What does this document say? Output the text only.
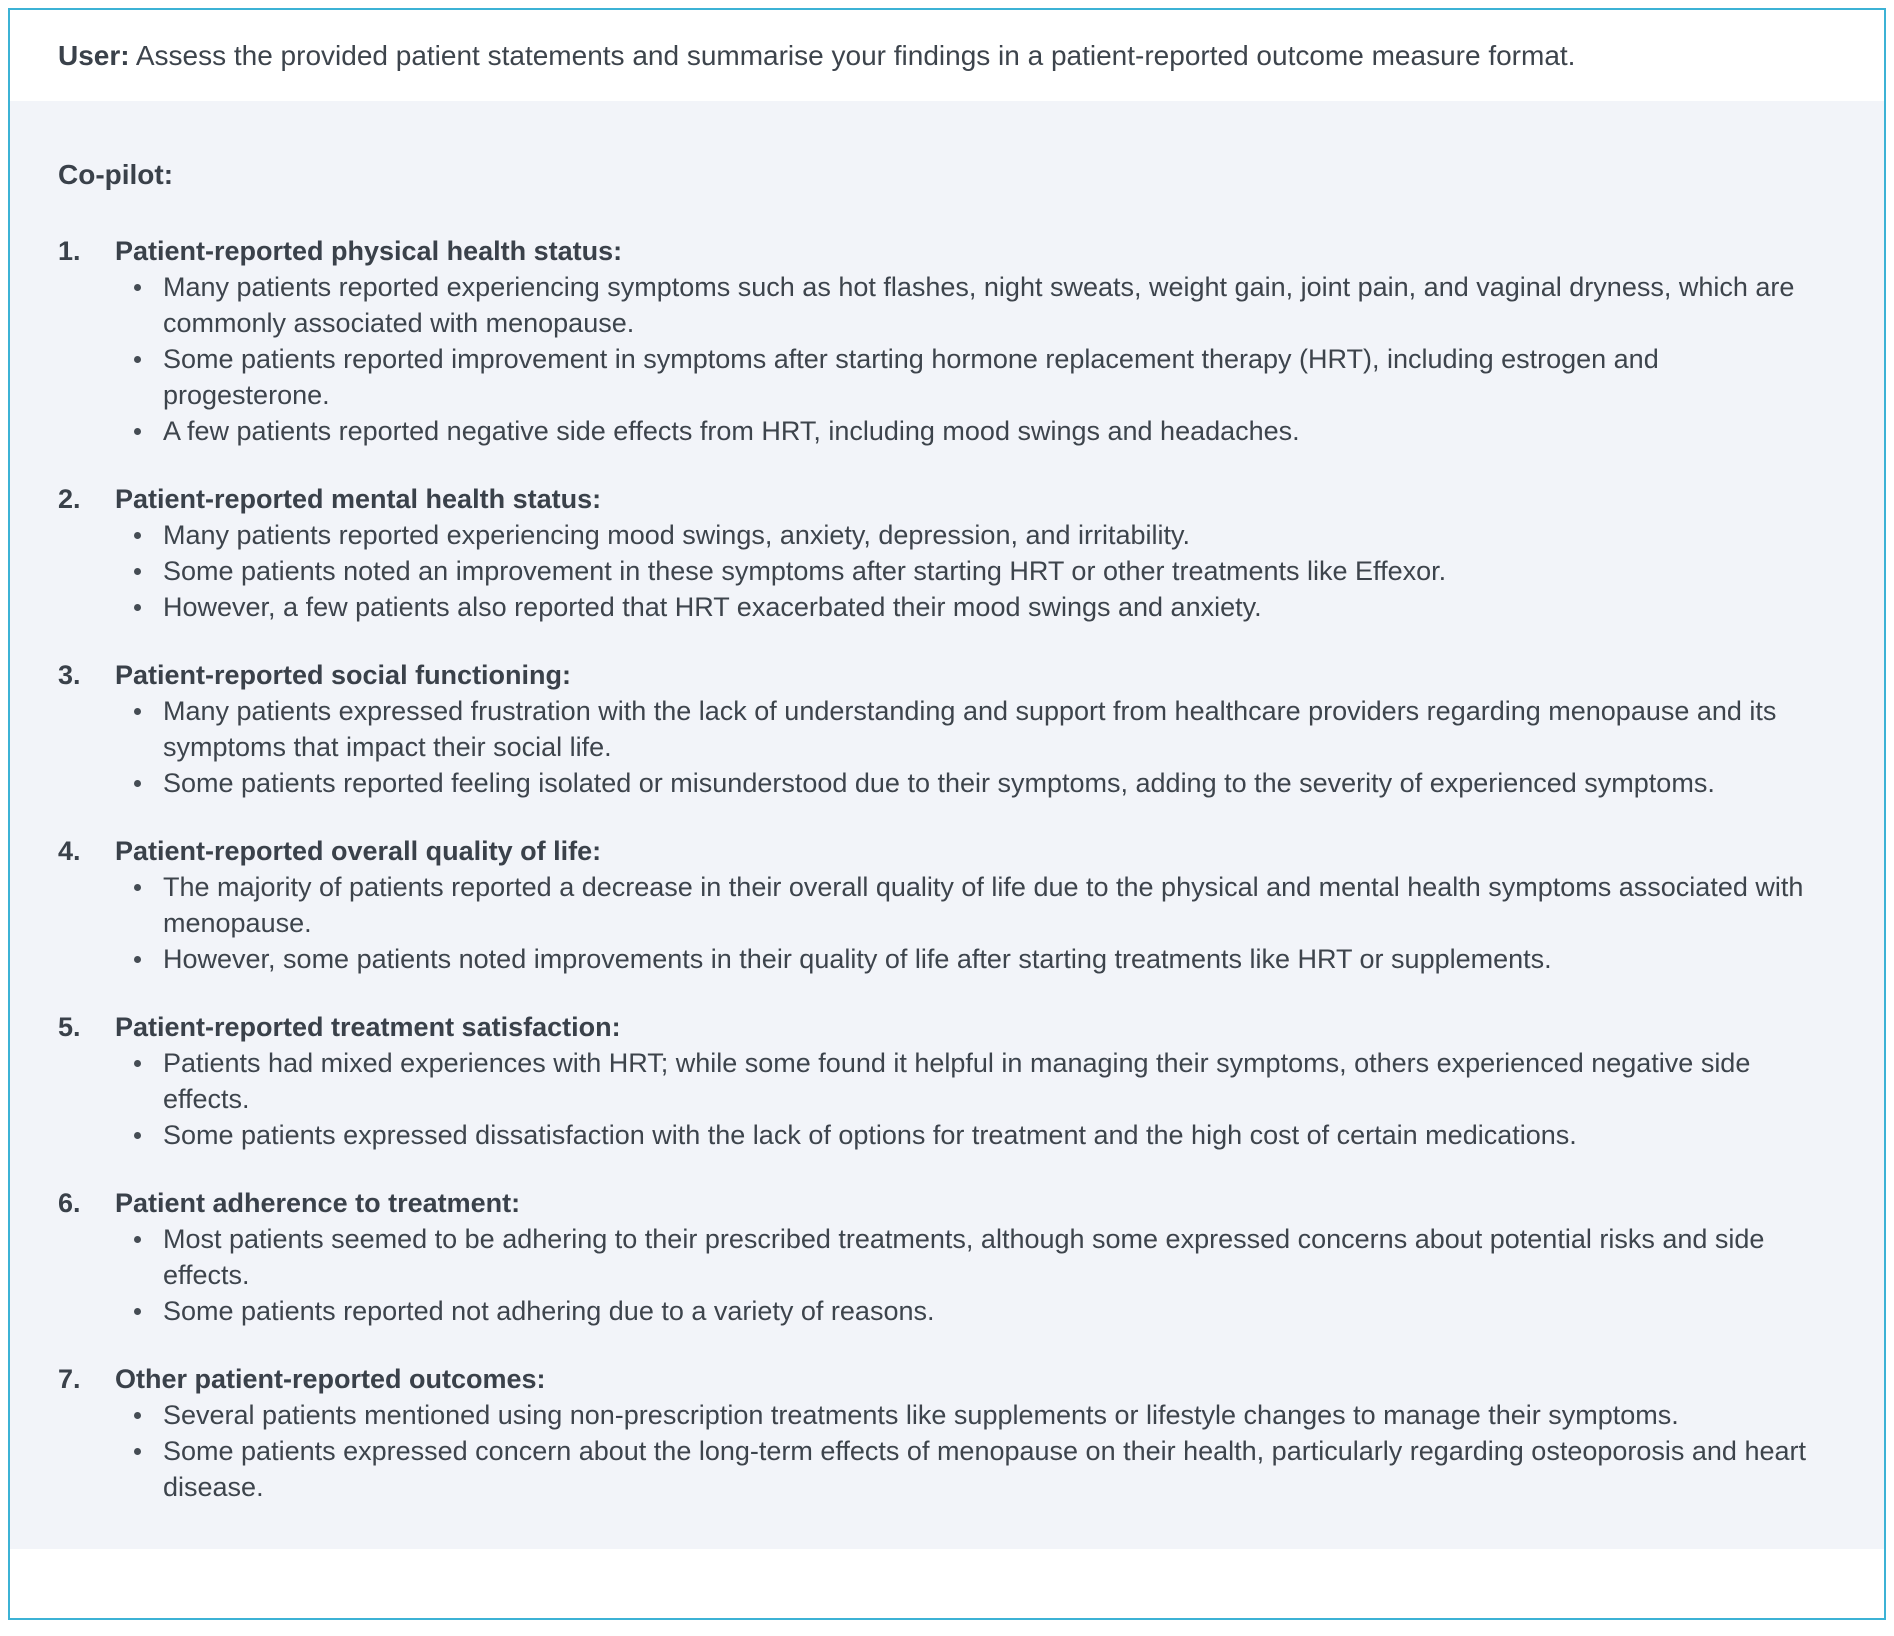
User: Assess the provided patient statements and summarise your findings in a patient-reported outcome measure format.
Co-pilot:
1.	Patient-reported physical health status:
Many patients reported experiencing symptoms such as hot flashes, night sweats, weight gain, joint pain, and vaginal dryness, which are commonly associated with menopause.
Some patients reported improvement in symptoms after starting hormone replacement therapy (HRT), including estrogen and progesterone.
A few patients reported negative side effects from HRT, including mood swings and headaches.
2.	Patient-reported mental health status:
Many patients reported experiencing mood swings, anxiety, depression, and irritability.
Some patients noted an improvement in these symptoms after starting HRT or other treatments like Effexor.
However, a few patients also reported that HRT exacerbated their mood swings and anxiety.
3.	Patient-reported social functioning:
Many patients expressed frustration with the lack of understanding and support from healthcare providers regarding menopause and its symptoms that impact their social life.
Some patients reported feeling isolated or misunderstood due to their symptoms, adding to the severity of experienced symptoms.
4.	Patient-reported overall quality of life:
The majority of patients reported a decrease in their overall quality of life due to the physical and mental health symptoms associated with menopause.
However, some patients noted improvements in their quality of life after starting treatments like HRT or supplements.
5.	Patient-reported treatment satisfaction:
Patients had mixed experiences with HRT; while some found it helpful in managing their symptoms, others experienced negative side effects.
Some patients expressed dissatisfaction with the lack of options for treatment and the high cost of certain medications.
6.	Patient adherence to treatment:
Most patients seemed to be adhering to their prescribed treatments, although some expressed concerns about potential risks and side effects.
Some patients reported not adhering due to a variety of reasons.
7.	Other patient-reported outcomes:
Several patients mentioned using non-prescription treatments like supplements or lifestyle changes to manage their symptoms.
Some patients expressed concern about the long-term effects of menopause on their health, particularly regarding osteoporosis and heart disease.
